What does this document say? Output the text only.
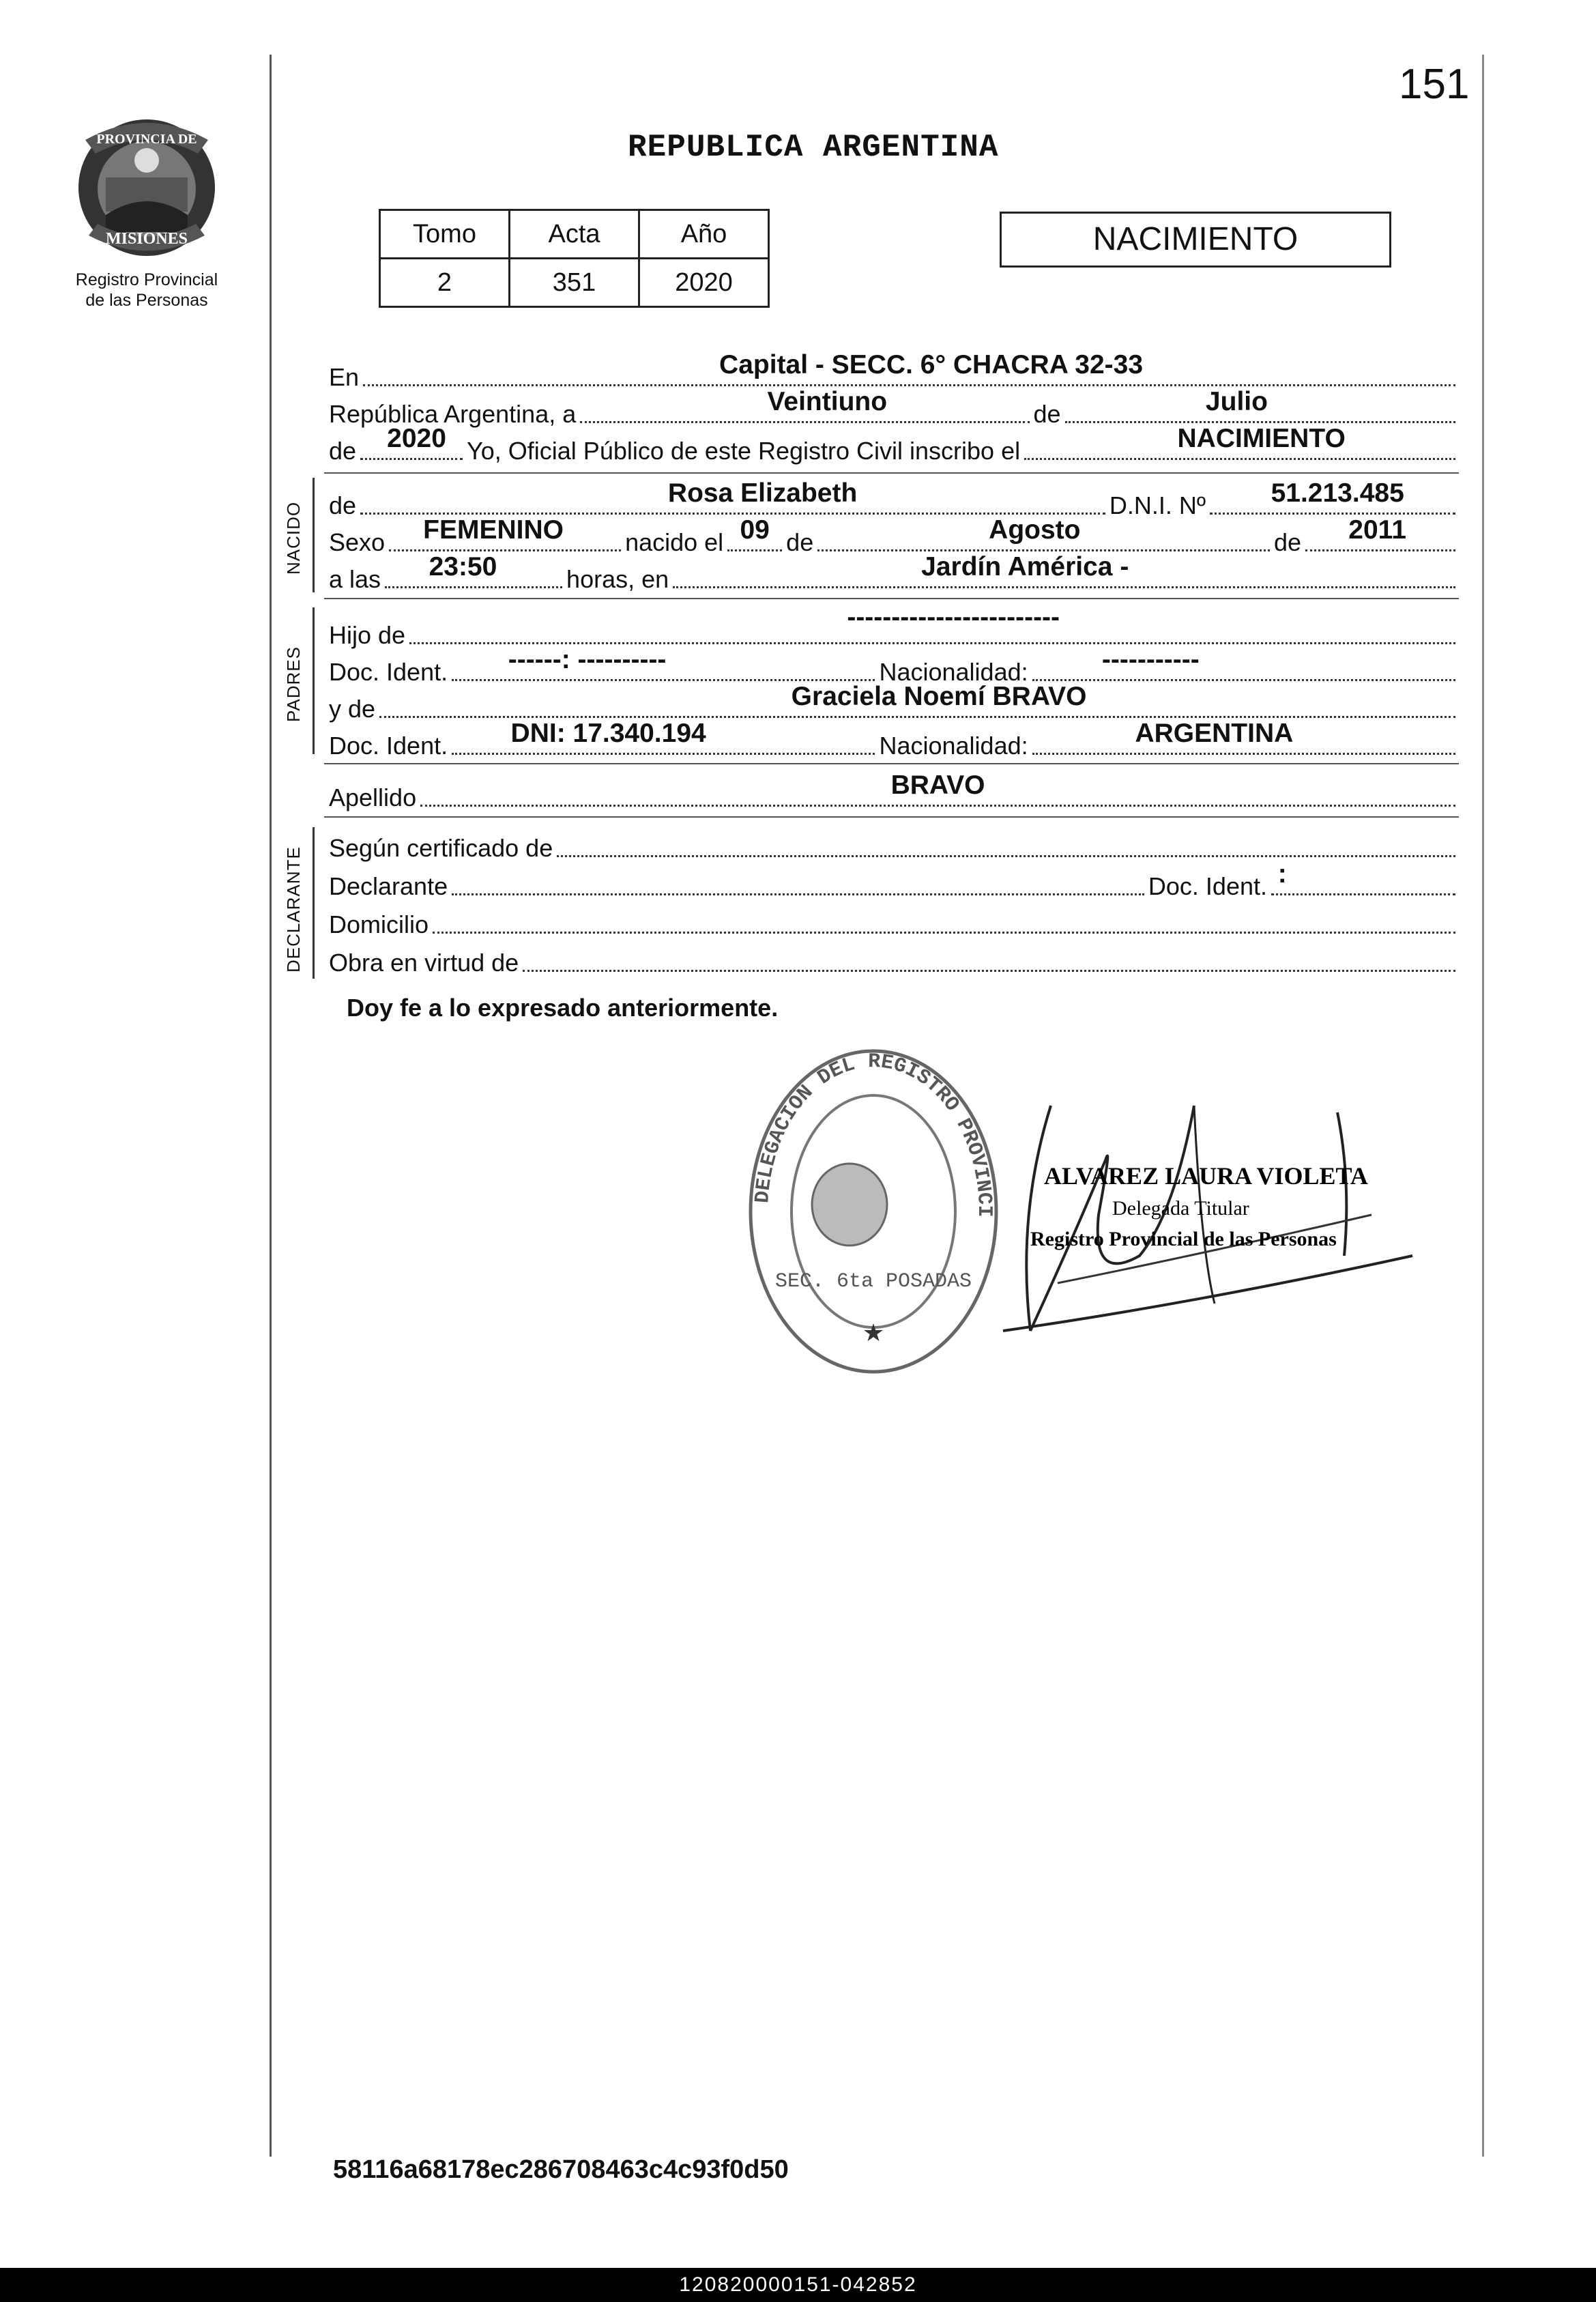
151
PROVINCIA DE
MISIONES
Registro Provincial
de las Personas
REPUBLICA ARGENTINA
Tomo	Acta	Año
2	351	2020
NACIMIENTO
En	Capital - SECC. 6° CHACRA 32-33
República Argentina, a	Veintiuno	de	Julio
de 2020 Yo, Oficial Público de este Registro Civil inscribo el	NACIMIENTO
NACIDO de	Rosa Elizabeth	D.N.I. Nº 51.213.485
Sexo FEMENINO	nacido el 09 de	Agosto	de 2011
a las 23:50	horas, en	Jardín América -
PADRES
Hijo de
------------------------
Doc. Ident. ------: ----------	Nacionalidad:	-----------
y de	Graciela Noemí BRAVO
Doc. Ident. DNI: 17.340.194	Nacionalidad:	ARGENTINA
Apellido	BRAVO
DECLARANTE Según certificado de
Declarante	Doc. Ident. :
Domicilio
Obra en virtud de
Doy fe a lo expresado anteriormente.
DELEGACION DEL REGISTRO PROVINCI
SEC. 6ta POSADAS
★
ALVAREZ LAURA VIOLETA
Delegada Titular
Registro Provincial de las Personas
58116a68178ec286708463c4c93f0d50
120820000151-042852
